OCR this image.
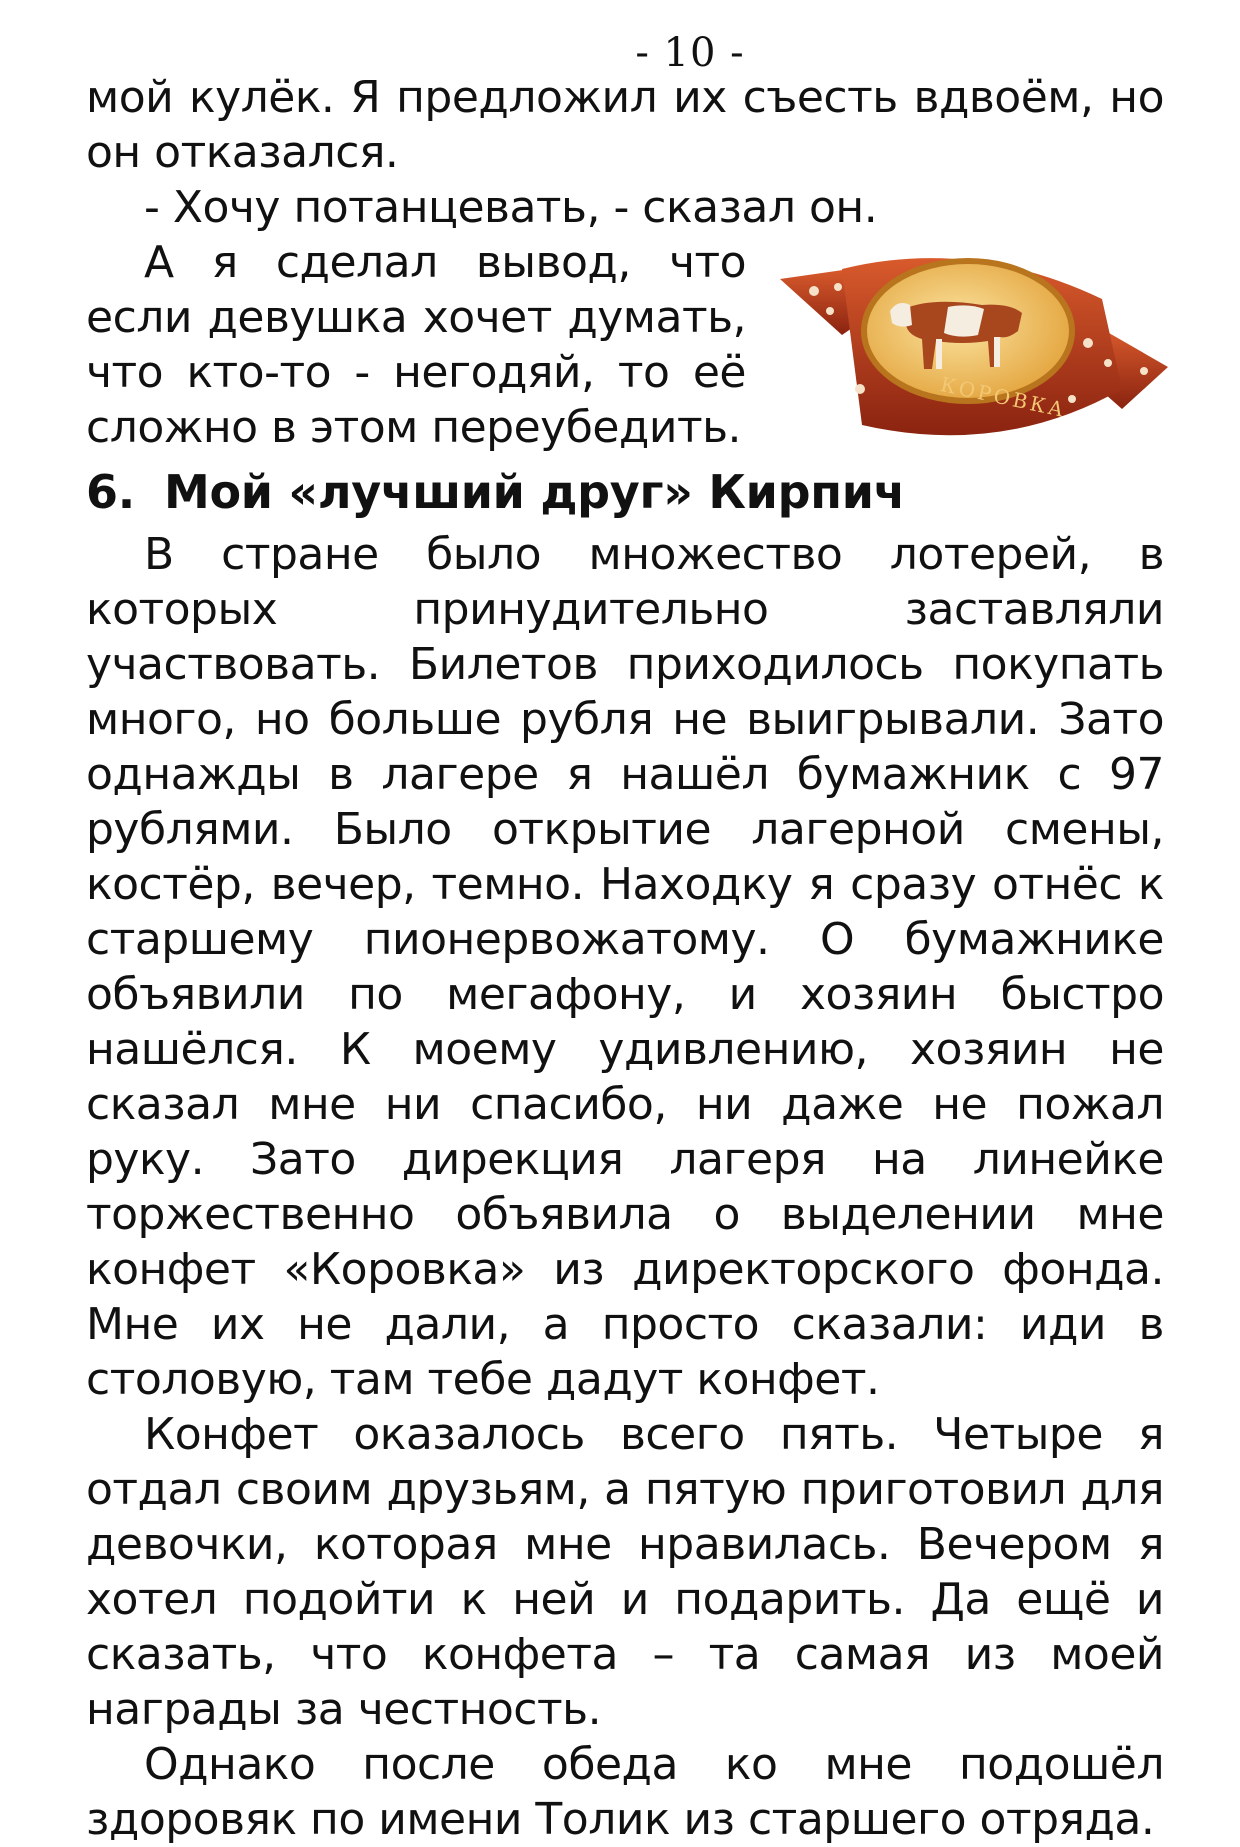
- 10 -

мой кулёк. Я предложил их съесть вдвоём, но он отказался.

- Хочу потанцевать, - сказал он.

КОРОВКА
А я сделал вывод, что если девушка хочет думать, что кто-то - негодяй, то её сложно в этом переубедить.

6. Мой «лучший друг» Кирпич

В стране было множество лотерей, в которых принудительно заставляли участвовать. Билетов приходилось покупать много, но больше рубля не выигрывали. Зато однажды в лагере я нашёл бумажник с 97 рублями. Было открытие лагерной смены, костёр, вечер, темно. Находку я сразу отнёс к старшему пионервожатому. О бумажнике объявили по мегафону, и хозяин быстро нашёлся. К моему удивлению, хозяин не сказал мне ни спасибо, ни даже не пожал руку. Зато дирекция лагеря на линейке торжественно объявила о выделении мне конфет «Коровка» из директорского фонда. Мне их не дали, а просто сказали: иди в столовую, там тебе дадут конфет.

Конфет оказалось всего пять. Четыре я отдал своим друзьям, а пятую приготовил для девочки, которая мне нравилась. Вечером я хотел подойти к ней и подарить. Да ещё и сказать, что конфета – та самая из моей награды за честность.

Однако после обеда ко мне подошёл здоровяк по имени Толик из старшего отряда.
